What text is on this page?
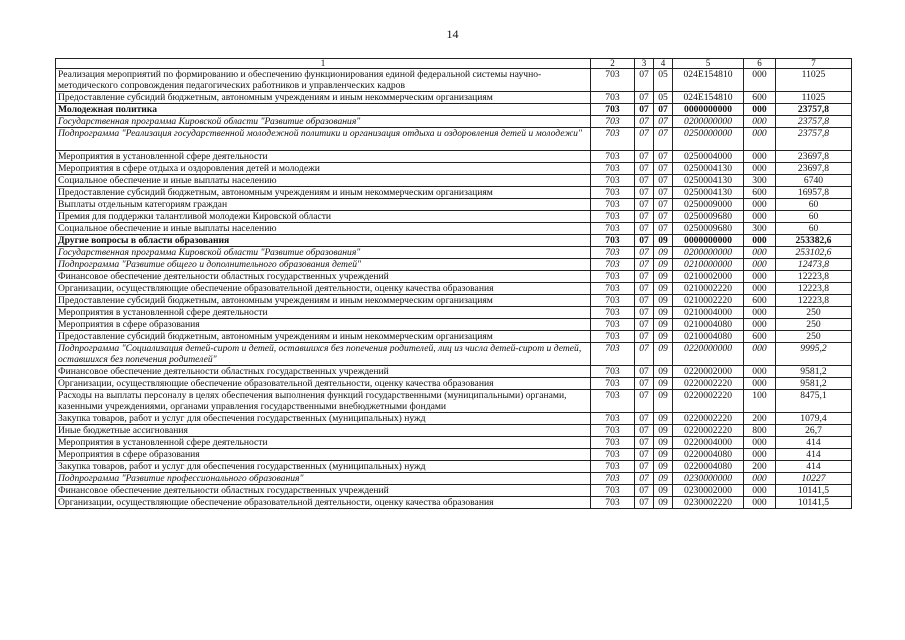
14
1	2	3	4	5	6	7
Реализация мероприятий по формированию и обеспечению функционирования единой федеральной системы научно-методического сопровождения педагогических работников и управленческих кадров	703	07	05	024E154810	000	11025
Предоставление субсидий бюджетным, автономным учреждениям и иным некоммерческим организациям	703	07	05	024E154810	600	11025
Молодежная политика	703	07	07	0000000000	000	23757,8
Государственная программа Кировской области "Развитие образования"	703	07	07	0200000000	000	23757,8
Подпрограмма "Реализация государственной молодежной политики и организация отдыха и оздоровления детей и молодежи"	703	07	07	0250000000	000	23757,8
Мероприятия в установленной сфере деятельности	703	07	07	0250004000	000	23697,8
Мероприятия в сфере отдыха и оздоровления детей и молодежи	703	07	07	0250004130	000	23697,8
Социальное обеспечение и иные выплаты населению	703	07	07	0250004130	300	6740
Предоставление субсидий бюджетным, автономным учреждениям и иным некоммерческим организациям	703	07	07	0250004130	600	16957,8
Выплаты отдельным категориям граждан	703	07	07	0250009000	000	60
Премия для поддержки талантливой молодежи Кировской области	703	07	07	0250009680	000	60
Социальное обеспечение и иные выплаты населению	703	07	07	0250009680	300	60
Другие вопросы в области образования	703	07	09	0000000000	000	253382,6
Государственная программа Кировской области "Развитие образования"	703	07	09	0200000000	000	253102,6
Подпрограмма "Развитие общего и дополнительного образования детей"	703	07	09	0210000000	000	12473,8
Финансовое обеспечение деятельности областных государственных учреждений	703	07	09	0210002000	000	12223,8
Организации, осуществляющие обеспечение образовательной деятельности, оценку качества образования	703	07	09	0210002220	000	12223,8
Предоставление субсидий бюджетным, автономным учреждениям и иным некоммерческим организациям	703	07	09	0210002220	600	12223,8
Мероприятия в установленной сфере деятельности	703	07	09	0210004000	000	250
Мероприятия в сфере образования	703	07	09	0210004080	000	250
Предоставление субсидий бюджетным, автономным учреждениям и иным некоммерческим организациям	703	07	09	0210004080	600	250
Подпрограмма "Социализация детей-сирот и детей, оставшихся без попечения родителей, лиц из числа детей-сирот и детей, оставшихся без попечения родителей"	703	07	09	0220000000	000	9995,2
Финансовое обеспечение деятельности областных государственных учреждений	703	07	09	0220002000	000	9581,2
Организации, осуществляющие обеспечение образовательной деятельности, оценку качества образования	703	07	09	0220002220	000	9581,2
Расходы на выплаты персоналу в целях обеспечения выполнения функций государственными (муниципальными) органами, казенными учреждениями, органами управления государственными внебюджетными фондами	703	07	09	0220002220	100	8475,1
Закупка товаров, работ и услуг для обеспечения государственных (муниципальных) нужд	703	07	09	0220002220	200	1079,4
Иные бюджетные ассигнования	703	07	09	0220002220	800	26,7
Мероприятия в установленной сфере деятельности	703	07	09	0220004000	000	414
Мероприятия в сфере образования	703	07	09	0220004080	000	414
Закупка товаров, работ и услуг для обеспечения государственных (муниципальных) нужд	703	07	09	0220004080	200	414
Подпрограмма "Развитие профессионального образования"	703	07	09	0230000000	000	10227
Финансовое обеспечение деятельности областных государственных учреждений	703	07	09	0230002000	000	10141,5
Организации, осуществляющие обеспечение образовательной деятельности, оценку качества образования	703	07	09	0230002220	000	10141,5
